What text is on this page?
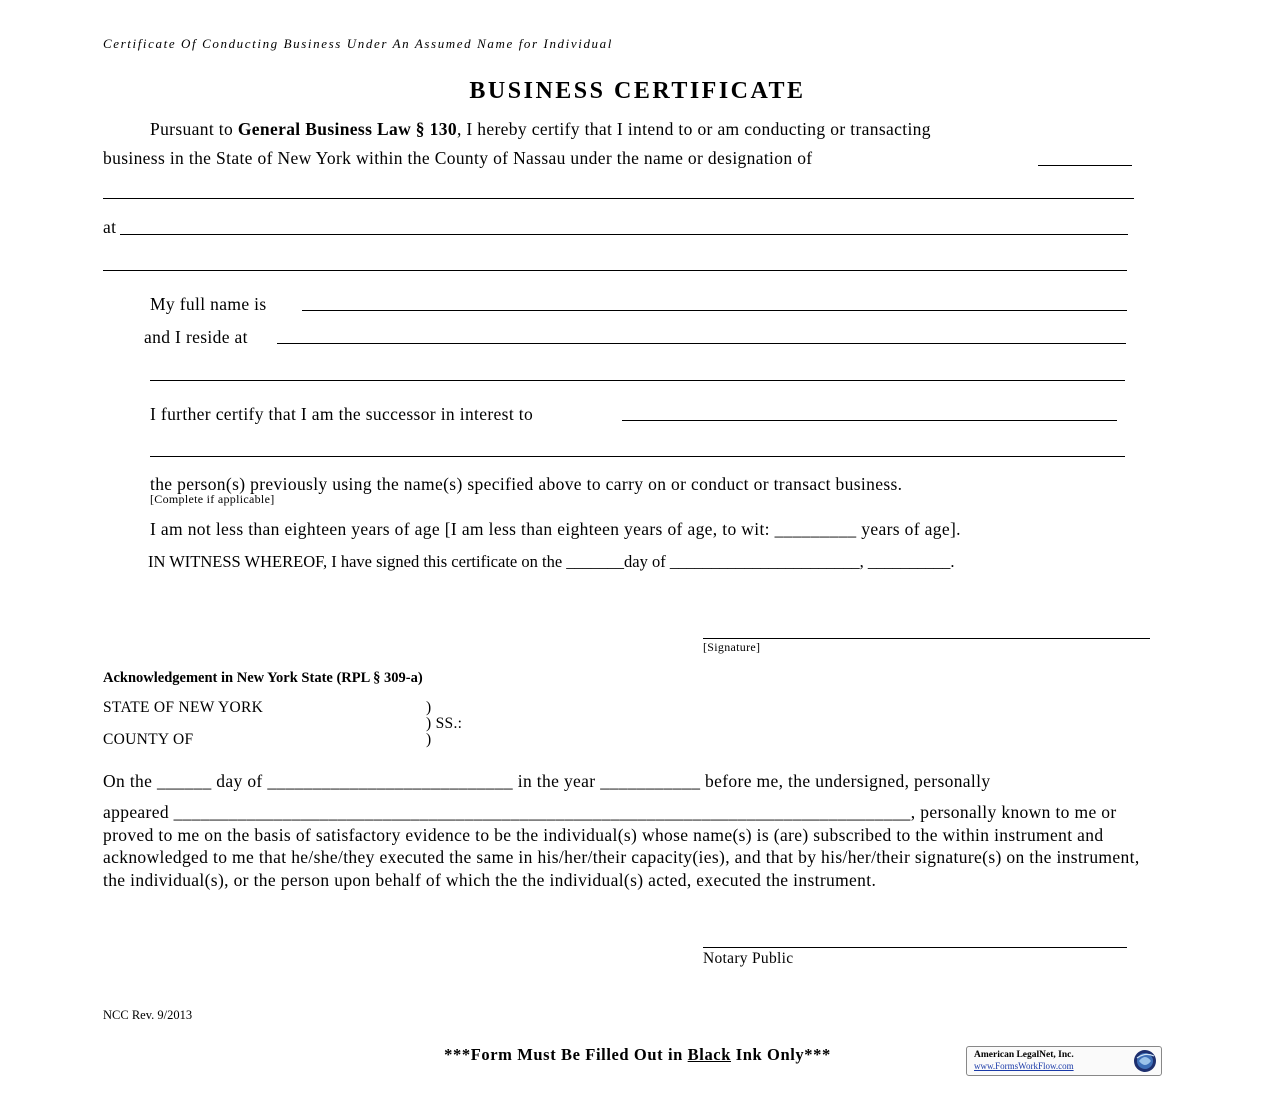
Certificate Of Conducting Business Under An Assumed Name for Individual
BUSINESS CERTIFICATE
Pursuant to General Business Law § 130, I hereby certify that I intend to or am conducting or transacting
business in the State of New York within the County of Nassau under the name or designation of
at
My full name is
and I reside at
I further certify that I am the successor in interest to
the person(s) previously using the name(s) specified above to carry on or conduct or transact business.
[Complete if applicable]
I am not less than eighteen years of age [I am less than eighteen years of age, to wit: _________ years of age].
IN WITNESS WHEREOF, I have signed this certificate on the _______day of _______________________, __________.
[Signature]
Acknowledgement in New York State (RPL § 309-a)
STATE OF NEW YORK	)
) SS.:
COUNTY OF	)
On the ______ day of ___________________________ in the year ___________ before me, the undersigned, personally
appeared _________________________________________________________________________________, personally known to me or proved to me on the basis of satisfactory evidence to be the individual(s) whose name(s) is (are) subscribed to the within instrument and acknowledged to me that he/she/they executed the same in his/her/their capacity(ies), and that by his/her/their signature(s) on the instrument, the individual(s), or the person upon behalf of which the the individual(s) acted, executed the instrument.
Notary Public
NCC Rev. 9/2013
***Form Must Be Filled Out in Black Ink Only***	American LegalNet, Inc.
www.FormsWorkFlow.com
